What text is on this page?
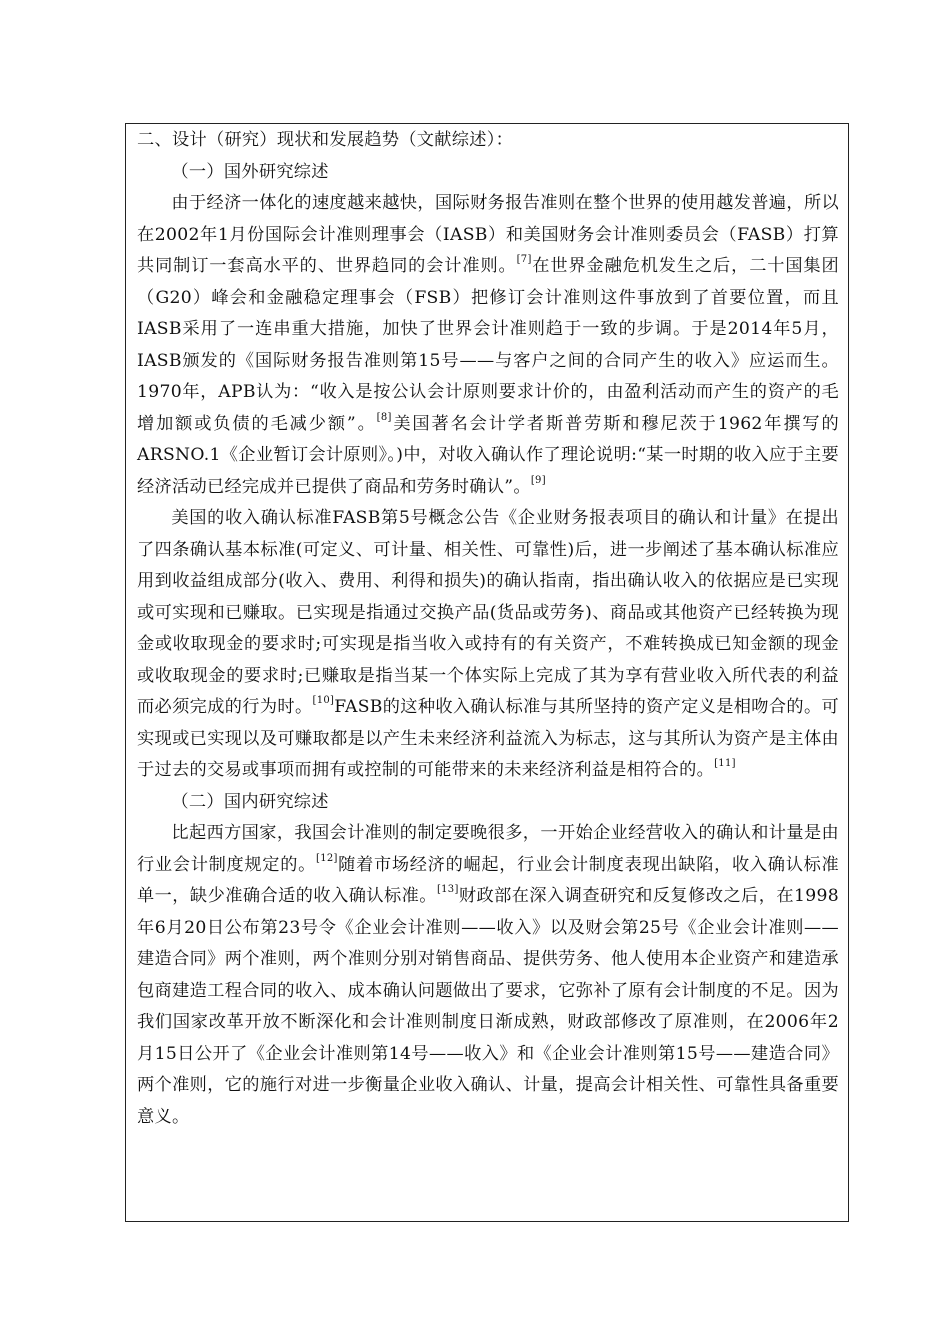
二、设计（研究）现状和发展趋势（文献综述）：

（一）国外研究综述

由于经济一体化的速度越来越快，国际财务报告准则在整个世界的使用越发普遍，所以在2002年1月份国际会计准则理事会（IASB）和美国财务会计准则委员会（FASB）打算共同制订一套高水平的、世界趋同的会计准则。[7]在世界金融危机发生之后，二十国集团（G20）峰会和金融稳定理事会（FSB）把修订会计准则这件事放到了首要位置，而且IASB采用了一连串重大措施，加快了世界会计准则趋于一致的步调。于是2014年5月，IASB颁发的《国际财务报告准则第15号——与客户之间的合同产生的收入》应运而生。1970年，APB认为：“收入是按公认会计原则要求计价的，由盈利活动而产生的资产的毛增加额或负债的毛减少额”。[8]美国著名会计学者斯普劳斯和穆尼茨于1962年撰写的ARSNO.1《企业暂订会计原则》。)中，对收入确认作了理论说明:“某一时期的收入应于主要经济活动已经完成并已提供了商品和劳务时确认”。[9]

美国的收入确认标准FASB第5号概念公告《企业财务报表项目的确认和计量》在提出了四条确认基本标准(可定义、可计量、相关性、可靠性)后，进一步阐述了基本确认标准应用到收益组成部分(收入、费用、利得和损失)的确认指南，指出确认收入的依据应是已实现或可实现和已赚取。已实现是指通过交换产品(货品或劳务)、商品或其他资产已经转换为现金或收取现金的要求时;可实现是指当收入或持有的有关资产，不难转换成已知金额的现金或收取现金的要求时;已赚取是指当某一个体实际上完成了其为享有营业收入所代表的利益而必须完成的行为时。[10]FASB的这种收入确认标准与其所坚持的资产定义是相吻合的。可实现或已实现以及可赚取都是以产生未来经济利益流入为标志，这与其所认为资产是主体由于过去的交易或事项而拥有或控制的可能带来的未来经济利益是相符合的。[11]

（二）国内研究综述

比起西方国家，我国会计准则的制定要晚很多，一开始企业经营收入的确认和计量是由行业会计制度规定的。[12]随着市场经济的崛起，行业会计制度表现出缺陷，收入确认标准单一，缺少准确合适的收入确认标准。[13]财政部在深入调查研究和反复修改之后，在1998年6月20日公布第23号令《企业会计准则——收入》以及财会第25号《企业会计准则——建造合同》两个准则，两个准则分别对销售商品、提供劳务、他人使用本企业资产和建造承包商建造工程合同的收入、成本确认问题做出了要求，它弥补了原有会计制度的不足。因为我们国家改革开放不断深化和会计准则制度日渐成熟，财政部修改了原准则，在2006年2月15日公开了《企业会计准则第14号——收入》和《企业会计准则第15号——建造合同》两个准则，它的施行对进一步衡量企业收入确认、计量，提高会计相关性、可靠性具备重要意义。
